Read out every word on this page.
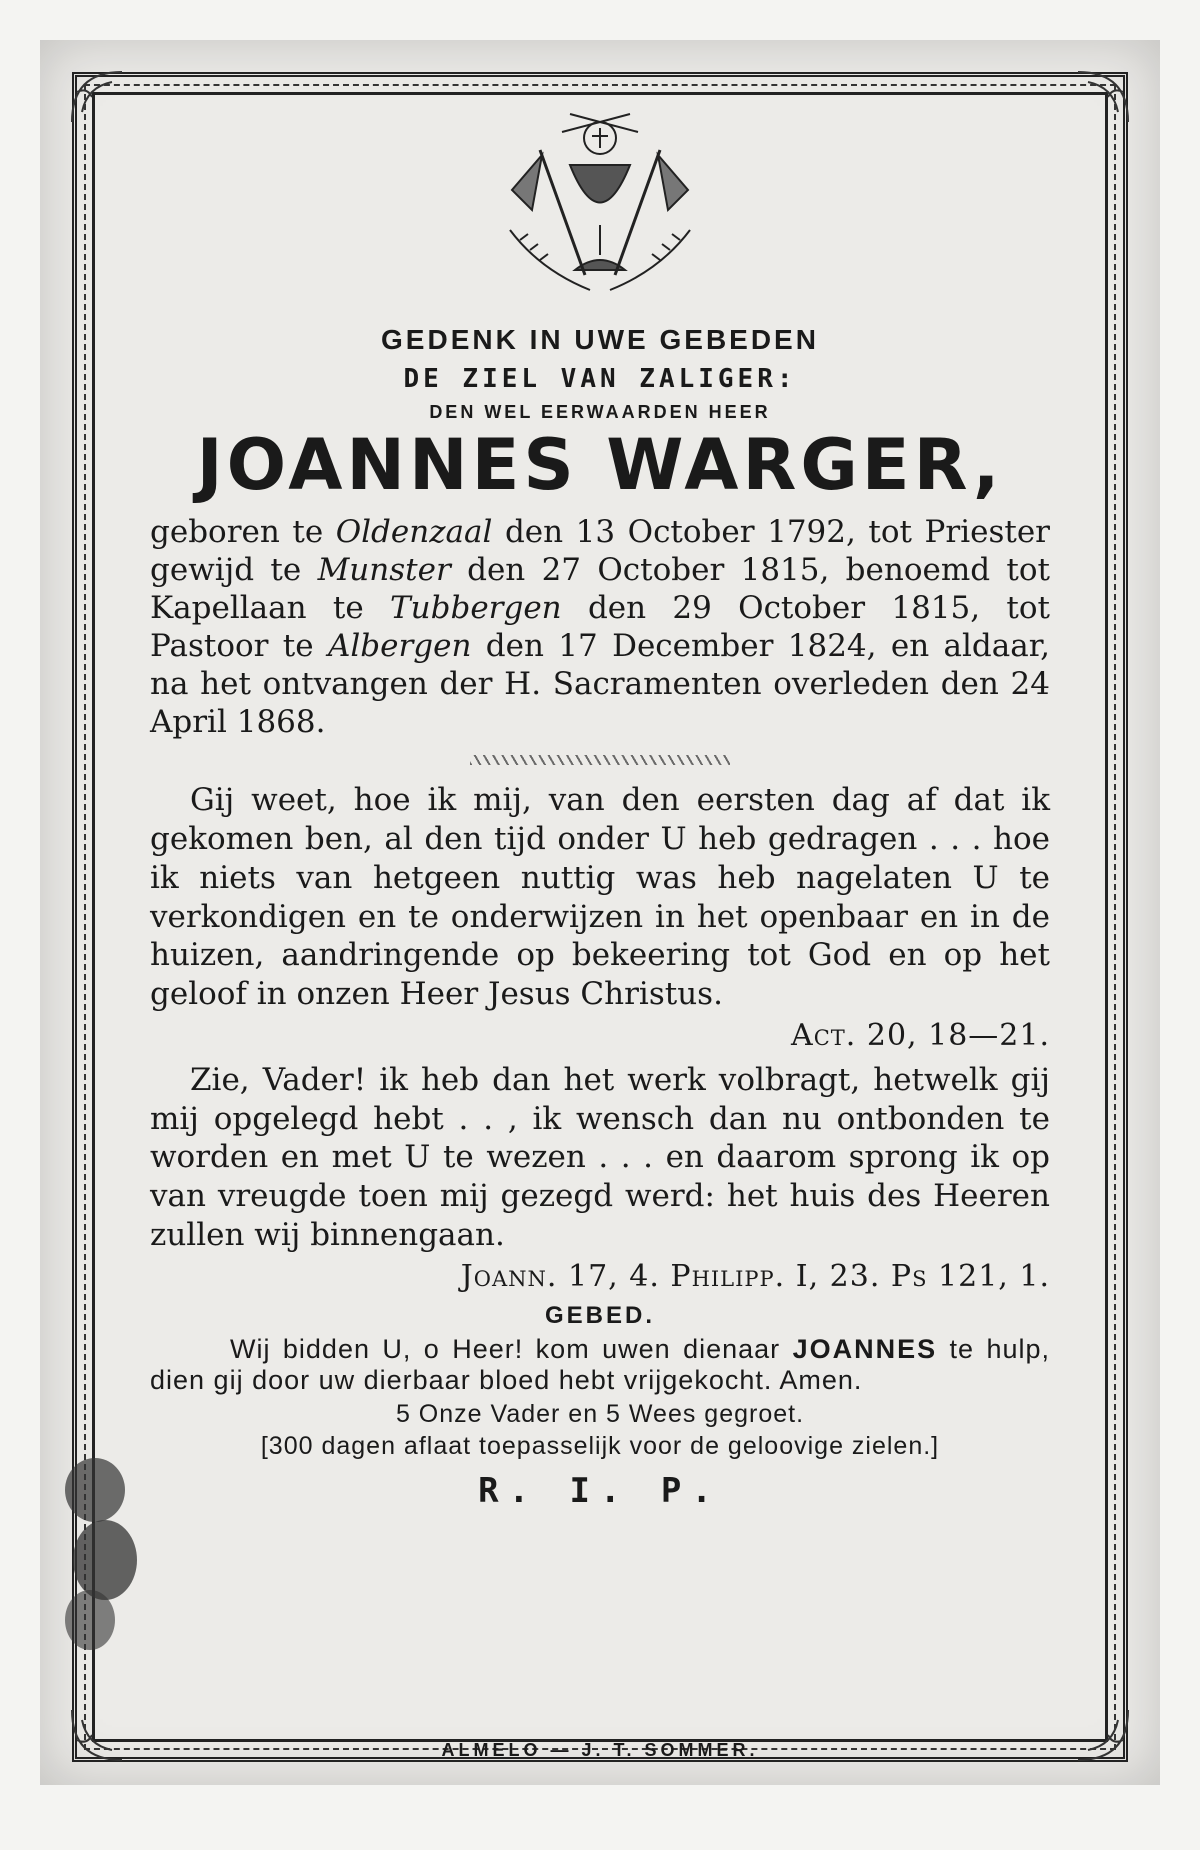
GEDENK IN UWE GEBEDEN
DE ZIEL VAN ZALIGER:
DEN WEL EERWAARDEN HEER
JOANNES WARGER,
geboren te Oldenzaal den 13 October 1792, tot Priester gewijd te Munster den 27 October 1815, benoemd tot Kapellaan te Tubbergen den 29 October 1815, tot Pastoor te Albergen den 17 December 1824, en aldaar, na het ontvangen der H. Sacramenten overleden den 24 April 1868.

Gij weet, hoe ik mij, van den eersten dag af dat ik gekomen ben, al den tijd onder U heb gedragen . . . hoe ik niets van hetgeen nuttig was heb nagelaten U te verkondigen en te onderwijzen in het openbaar en in de huizen, aandringende op bekeering tot God en op het geloof in onzen Heer Jesus Christus.

Act. 20, 18—21.

Zie, Vader! ik heb dan het werk volbragt, hetwelk gij mij opgelegd hebt . . , ik wensch dan nu ontbonden te worden en met U te wezen . . . en daarom sprong ik op van vreugde toen mij gezegd werd: het huis des Heeren zullen wij binnengaan.

Joann. 17, 4. Philipp. I, 23. Ps 121, 1.
GEBED.

Wij bidden U, o Heer! kom uwen dienaar JOANNES te hulp, dien gij door uw dierbaar bloed hebt vrijgekocht. Amen.

5 Onze Vader en 5 Wees gegroet.
[300 dagen aflaat toepasselijk voor de geloovige zielen.]
R. I. P.
ALMELO — J. T. SOMMER.
